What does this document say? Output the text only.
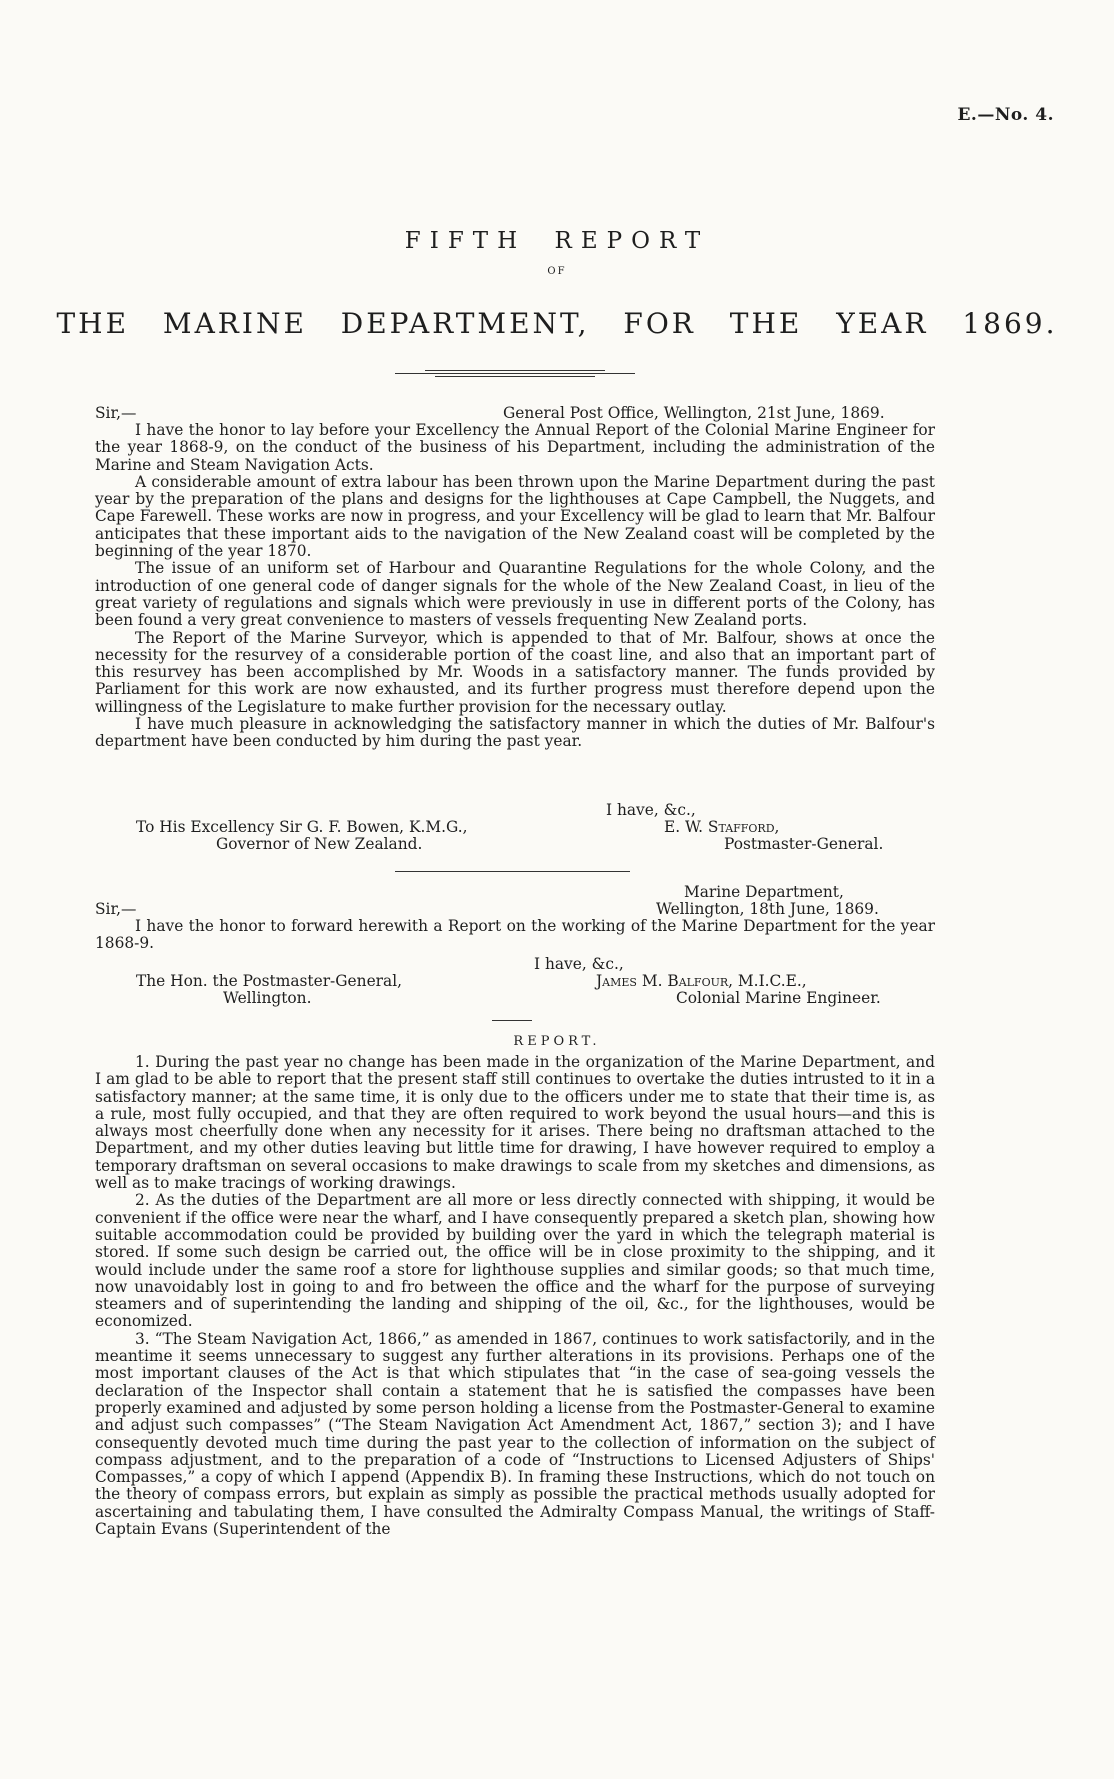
E.—No. 4.
FIFTH REPORT
OF
THE MARINE DEPARTMENT, FOR THE YEAR 1869.
Sir,—	General Post Office, Wellington, 21st June, 1869.

I have the honor to lay before your Excellency the Annual Report of the Colonial Marine Engineer for the year 1868-9, on the conduct of the business of his Department, including the administration of the Marine and Steam Navigation Acts.

A considerable amount of extra labour has been thrown upon the Marine Department during the past year by the preparation of the plans and designs for the lighthouses at Cape Campbell, the Nuggets, and Cape Farewell. These works are now in progress, and your Excellency will be glad to learn that Mr. Balfour anticipates that these important aids to the navigation of the New Zealand coast will be completed by the beginning of the year 1870.

The issue of an uniform set of Harbour and Quarantine Regulations for the whole Colony, and the introduction of one general code of danger signals for the whole of the New Zealand Coast, in lieu of the great variety of regulations and signals which were previously in use in different ports of the Colony, has been found a very great convenience to masters of vessels frequenting New Zealand ports.

The Report of the Marine Surveyor, which is appended to that of Mr. Balfour, shows at once the necessity for the resurvey of a considerable portion of the coast line, and also that an important part of this resurvey has been accomplished by Mr. Woods in a satisfactory manner. The funds provided by Parliament for this work are now exhausted, and its further progress must therefore depend upon the willingness of the Legislature to make further provision for the necessary outlay.

I have much pleasure in acknowledging the satisfactory manner in which the duties of Mr. Balfour's department have been conducted by him during the past year.

I have, &c.,
To His Excellency Sir G. F. Bowen, K.M.G.,	E. W. Stafford,
Governor of New Zealand.	Postmaster-General.
Marine Department,
Sir,—	Wellington, 18th June, 1869.

I have the honor to forward herewith a Report on the working of the Marine Department for the year 1868-9.

I have, &c.,
The Hon. the Postmaster-General,	James M. Balfour, M.I.C.E.,
Wellington.	Colonial Marine Engineer.
REPORT.

1. During the past year no change has been made in the organization of the Marine Department, and I am glad to be able to report that the present staff still continues to overtake the duties intrusted to it in a satisfactory manner; at the same time, it is only due to the officers under me to state that their time is, as a rule, most fully occupied, and that they are often required to work beyond the usual hours—and this is always most cheerfully done when any necessity for it arises. There being no draftsman attached to the Department, and my other duties leaving but little time for drawing, I have however required to employ a temporary draftsman on several occasions to make drawings to scale from my sketches and dimensions, as well as to make tracings of working drawings.

2. As the duties of the Department are all more or less directly connected with shipping, it would be convenient if the office were near the wharf, and I have consequently prepared a sketch plan, showing how suitable accommodation could be provided by building over the yard in which the telegraph material is stored. If some such design be carried out, the office will be in close proximity to the shipping, and it would include under the same roof a store for lighthouse supplies and similar goods; so that much time, now unavoidably lost in going to and fro between the office and the wharf for the purpose of surveying steamers and of superintending the landing and shipping of the oil, &c., for the lighthouses, would be economized.

3. “The Steam Navigation Act, 1866,” as amended in 1867, continues to work satisfactorily, and in the meantime it seems unnecessary to suggest any further alterations in its provisions. Perhaps one of the most important clauses of the Act is that which stipulates that “in the case of sea-going vessels the declaration of the Inspector shall contain a statement that he is satisfied the compasses have been properly examined and adjusted by some person holding a license from the Postmaster-General to examine and adjust such compasses” (“The Steam Navigation Act Amendment Act, 1867,” section 3); and I have consequently devoted much time during the past year to the collection of information on the subject of compass adjustment, and to the preparation of a code of “Instructions to Licensed Adjusters of Ships' Compasses,” a copy of which I append (Appendix B). In framing these Instructions, which do not touch on the theory of compass errors, but explain as simply as possible the practical methods usually adopted for ascertaining and tabulating them, I have consulted the Admiralty Compass Manual, the writings of Staff-Captain Evans (Superintendent of the
